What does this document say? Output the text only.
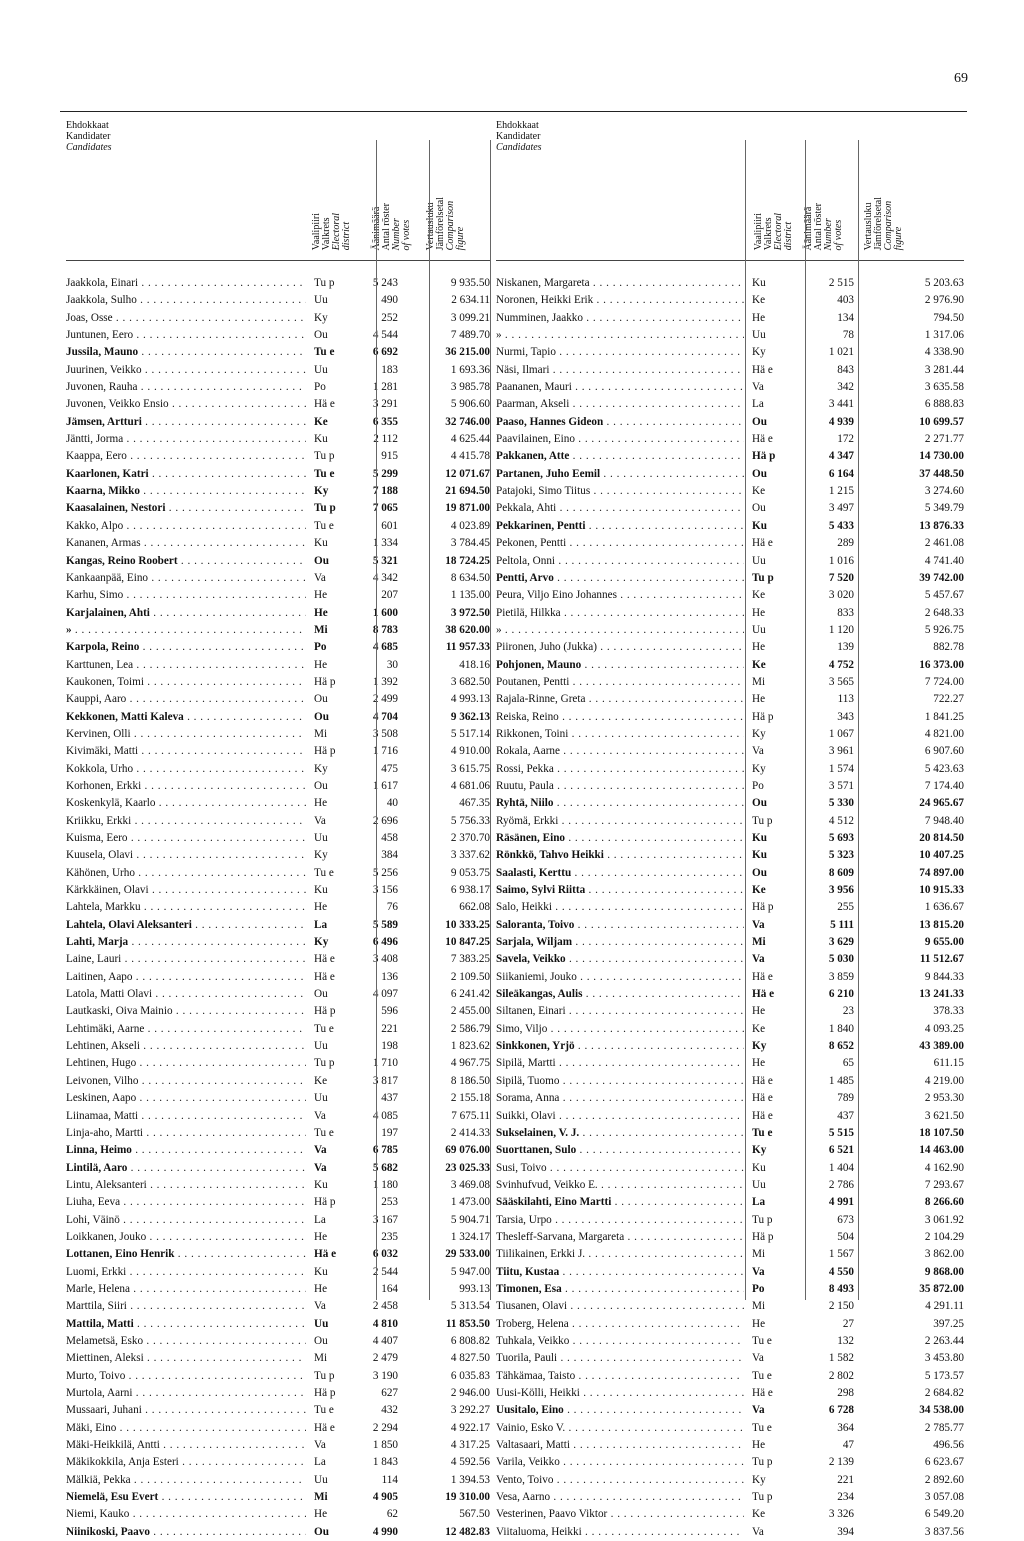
69
Ehdokkaat
Kandidater
Candidates
Vaalipiiri Valkrets Electoral district Äänimäärä Antal röster Number of votes Vertausluku Jämförelsetal Comparison figure
Jaakkola, Einari . . .	Tu p	5 243	9 935.50
Jaakkola, Sulho . . .	Uu	490	2 634.11
Joas, Osse . . .	Ky	252	3 099.21
Juntunen, Eero . . .	Ou	4 544	7 489.70
Jussila, Mauno . . .	Tu e	6 692	36 215.00
Juurinen, Veikko . . .	Uu	183	1 693.36
Juvonen, Rauha . . .	Po	1 281	3 985.78
Juvonen, Veikko Ensio . . .	Hä e	3 291	5 906.60
Jämsen, Artturi . . .	Ke	6 355	32 746.00
Jäntti, Jorma . . .	Ku	2 112	4 625.44
Kaappa, Eero . . .	Tu p	915	4 415.78
Kaarlonen, Katri . . .	Tu e	5 299	12 071.67
Kaarna, Mikko . . .	Ky	7 188	21 694.50
Kaasalainen, Nestori . . .	Tu p	7 065	19 871.00
Kakko, Alpo . . .	Tu e	601	4 023.89
Kananen, Armas . . .	Ku	1 334	3 784.45
Kangas, Reino Roobert . . .	Ou	5 321	18 724.25
Kankaanpää, Eino . . .	Va	4 342	8 634.50
Karhu, Simo . . .	He	207	1 135.00
Karjalainen, Ahti . . .	He	1 600	3 972.50
» . . .	Mi	8 783	38 620.00
Karpola, Reino . . .	Po	4 685	11 957.33
Karttunen, Lea . . .	He	30	418.16
Kaukonen, Toimi . . .	Hä p	1 392	3 682.50
Kauppi, Aaro . . .	Ou	2 499	4 993.13
Kekkonen, Matti Kaleva . . .	Ou	4 704	9 362.13
Kervinen, Olli . . .	Mi	3 508	5 517.14
Kivimäki, Matti . . .	Hä p	1 716	4 910.00
Kokkola, Urho . . .	Ky	475	3 615.75
Korhonen, Erkki . . .	Ou	1 617	4 681.06
Koskenkylä, Kaarlo . . .	He	40	467.35
Kriikku, Erkki . . .	Va	2 696	5 756.33
Kuisma, Eero . . .	Uu	458	2 370.70
Kuusela, Olavi . . .	Ky	384	3 337.62
Kähönen, Urho . . .	Tu e	5 256	9 053.75
Kärkkäinen, Olavi . . .	Ku	3 156	6 938.17
Lahtela, Markku . . .	He	76	662.08
Lahtela, Olavi Aleksanteri . . .	La	5 589	10 333.25
Lahti, Marja . . .	Ky	6 496	10 847.25
Laine, Lauri . . .	Hä e	3 408	7 383.25
Laitinen, Aapo . . .	Hä e	136	2 109.50
Latola, Matti Olavi . . .	Ou	4 097	6 241.42
Lautkaski, Oiva Mainio . . .	Hä p	596	2 455.00
Lehtimäki, Aarne . . .	Tu e	221	2 586.79
Lehtinen, Akseli . . .	Uu	198	1 823.62
Lehtinen, Hugo . . .	Tu p	1 710	4 967.75
Leivonen, Vilho . . .	Ke	3 817	8 186.50
Leskinen, Aapo . . .	Uu	437	2 155.18
Liinamaa, Matti . . .	Va	4 085	7 675.11
Linja-aho, Martti . . .	Tu e	197	2 414.33
Linna, Heimo . . .	Va	6 785	69 076.00
Lintilä, Aaro . . .	Va	5 682	23 025.33
Lintu, Aleksanteri . . .	Ku	1 180	3 469.08
Liuha, Eeva . . .	Hä p	253	1 473.00
Lohi, Väinö . . .	La	3 167	5 904.71
Loikkanen, Jouko . . .	He	235	1 324.17
Lottanen, Eino Henrik . . .	Hä e	6 032	29 533.00
Luomi, Erkki . . .	Ku	2 544	5 947.00
Marle, Helena . . .	He	164	993.13
Marttila, Siiri . . .	Va	2 458	5 313.54
Mattila, Matti . . .	Uu	4 810	11 853.50
Melametsä, Esko . . .	Ou	4 407	6 808.82
Miettinen, Aleksi . . .	Mi	2 479	4 827.50
Murto, Toivo . . .	Tu p	3 190	6 035.83
Murtola, Aarni . . .	Hä p	627	2 946.00
Mussaari, Juhani . . .	Tu e	432	3 292.27
Mäki, Eino . . .	Hä e	2 294	4 922.17
Mäki-Heikkilä, Antti . . .	Va	1 850	4 317.25
Mäkikokkila, Anja Esteri . . .	La	1 843	4 592.56
Mälkiä, Pekka . . .	Uu	114	1 394.53
Niemelä, Esu Evert . . .	Mi	4 905	19 310.00
Niemi, Kauko . . .	He	62	567.50
Niinikoski, Paavo . . .	Ou	4 990	12 482.83
Ehdokkaat
Kandidater
Candidates
Vaalipiiri Valkrets Electoral district Äänimäärä Antal röster Number of votes Vertausluku Jämförelsetal Comparison figure
Niskanen, Margareta . . .	Ku	2 515	5 203.63
Noronen, Heikki Erik . . .	Ke	403	2 976.90
Numminen, Jaakko . . .	He	134	794.50
» . . .	Uu	78	1 317.06
Nurmi, Tapio . . .	Ky	1 021	4 338.90
Näsi, Ilmari . . .	Hä e	843	3 281.44
Paananen, Mauri . . .	Va	342	3 635.58
Paarman, Akseli . . .	La	3 441	6 888.83
Paaso, Hannes Gideon . . .	Ou	4 939	10 699.57
Paavilainen, Eino . . .	Hä e	172	2 271.77
Pakkanen, Atte . . .	Hä p	4 347	14 730.00
Partanen, Juho Eemil . . .	Ou	6 164	37 448.50
Patajoki, Simo Tiitus . . .	Ke	1 215	3 274.60
Pekkala, Ahti . . .	Ou	3 497	5 349.79
Pekkarinen, Pentti . . .	Ku	5 433	13 876.33
Pekonen, Pentti . . .	Hä e	289	2 461.08
Peltola, Onni . . .	Uu	1 016	4 741.40
Pentti, Arvo . . .	Tu p	7 520	39 742.00
Peura, Viljo Eino Johannes . . .	Ke	3 020	5 457.67
Pietilä, Hilkka . . .	He	833	2 648.33
» . . .	Uu	1 120	5 926.75
Piironen, Juho (Jukka) . . .	He	139	882.78
Pohjonen, Mauno . . .	Ke	4 752	16 373.00
Poutanen, Pentti . . .	Mi	3 565	7 724.00
Rajala-Rinne, Greta . . .	He	113	722.27
Reiska, Reino . . .	Hä p	343	1 841.25
Rikkonen, Toini . . .	Ky	1 067	4 821.00
Rokala, Aarne . . .	Va	3 961	6 907.60
Rossi, Pekka . . .	Ky	1 574	5 423.63
Ruutu, Paula . . .	Po	3 571	7 174.40
Ryhtä, Niilo . . .	Ou	5 330	24 965.67
Ryömä, Erkki . . .	Tu p	4 512	7 948.40
Räsänen, Eino . . .	Ku	5 693	20 814.50
Rönkkö, Tahvo Heikki . . .	Ku	5 323	10 407.25
Saalasti, Kerttu . . .	Ou	8 609	74 897.00
Saimo, Sylvi Riitta . . .	Ke	3 956	10 915.33
Salo, Heikki . . .	Hä p	255	1 636.67
Saloranta, Toivo . . .	Va	5 111	13 815.20
Sarjala, Wiljam . . .	Mi	3 629	9 655.00
Savela, Veikko . . .	Va	5 030	11 512.67
Siikaniemi, Jouko . . .	Hä e	3 859	9 844.33
Sileäkangas, Aulis . . .	Hä e	6 210	13 241.33
Siltanen, Einari . . .	He	23	378.33
Simo, Viljo . . .	Ke	1 840	4 093.25
Sinkkonen, Yrjö . . .	Ky	8 652	43 389.00
Sipilä, Martti . . .	He	65	611.15
Sipilä, Tuomo . . .	Hä e	1 485	4 219.00
Sorama, Anna . . .	Hä e	789	2 953.30
Suikki, Olavi . . .	Hä e	437	3 621.50
Sukselainen, V. J. . . .	Tu e	5 515	18 107.50
Suorttanen, Sulo . . .	Ky	6 521	14 463.00
Susi, Toivo . . .	Ku	1 404	4 162.90
Svinhufvud, Veikko E. . . .	Uu	2 786	7 293.67
Sääskilahti, Eino Martti . . .	La	4 991	8 266.60
Tarsia, Urpo . . .	Tu p	673	3 061.92
Thesleff-Sarvana, Margareta . . .	Hä p	504	2 104.29
Tiilikainen, Erkki J. . . .	Mi	1 567	3 862.00
Tiitu, Kustaa . . .	Va	4 550	9 868.00
Timonen, Esa . . .	Po	8 493	35 872.00
Tiusanen, Olavi . . .	Mi	2 150	4 291.11
Troberg, Helena . . .	He	27	397.25
Tuhkala, Veikko . . .	Tu e	132	2 263.44
Tuorila, Pauli . . .	Va	1 582	3 453.80
Tähkämaa, Taisto . . .	Tu e	2 802	5 173.57
Uusi-Kölli, Heikki . . .	Hä e	298	2 684.82
Uusitalo, Eino . . .	Va	6 728	34 538.00
Vainio, Esko V. . . .	Tu e	364	2 785.77
Valtasaari, Matti . . .	He	47	496.56
Varila, Veikko . . .	Tu p	2 139	6 623.67
Vento, Toivo . . .	Ky	221	2 892.60
Vesa, Aarno . . .	Tu p	234	3 057.08
Vesterinen, Paavo Viktor . . .	Ke	3 326	6 549.20
Viitaluoma, Heikki . . .	Va	394	3 837.56
